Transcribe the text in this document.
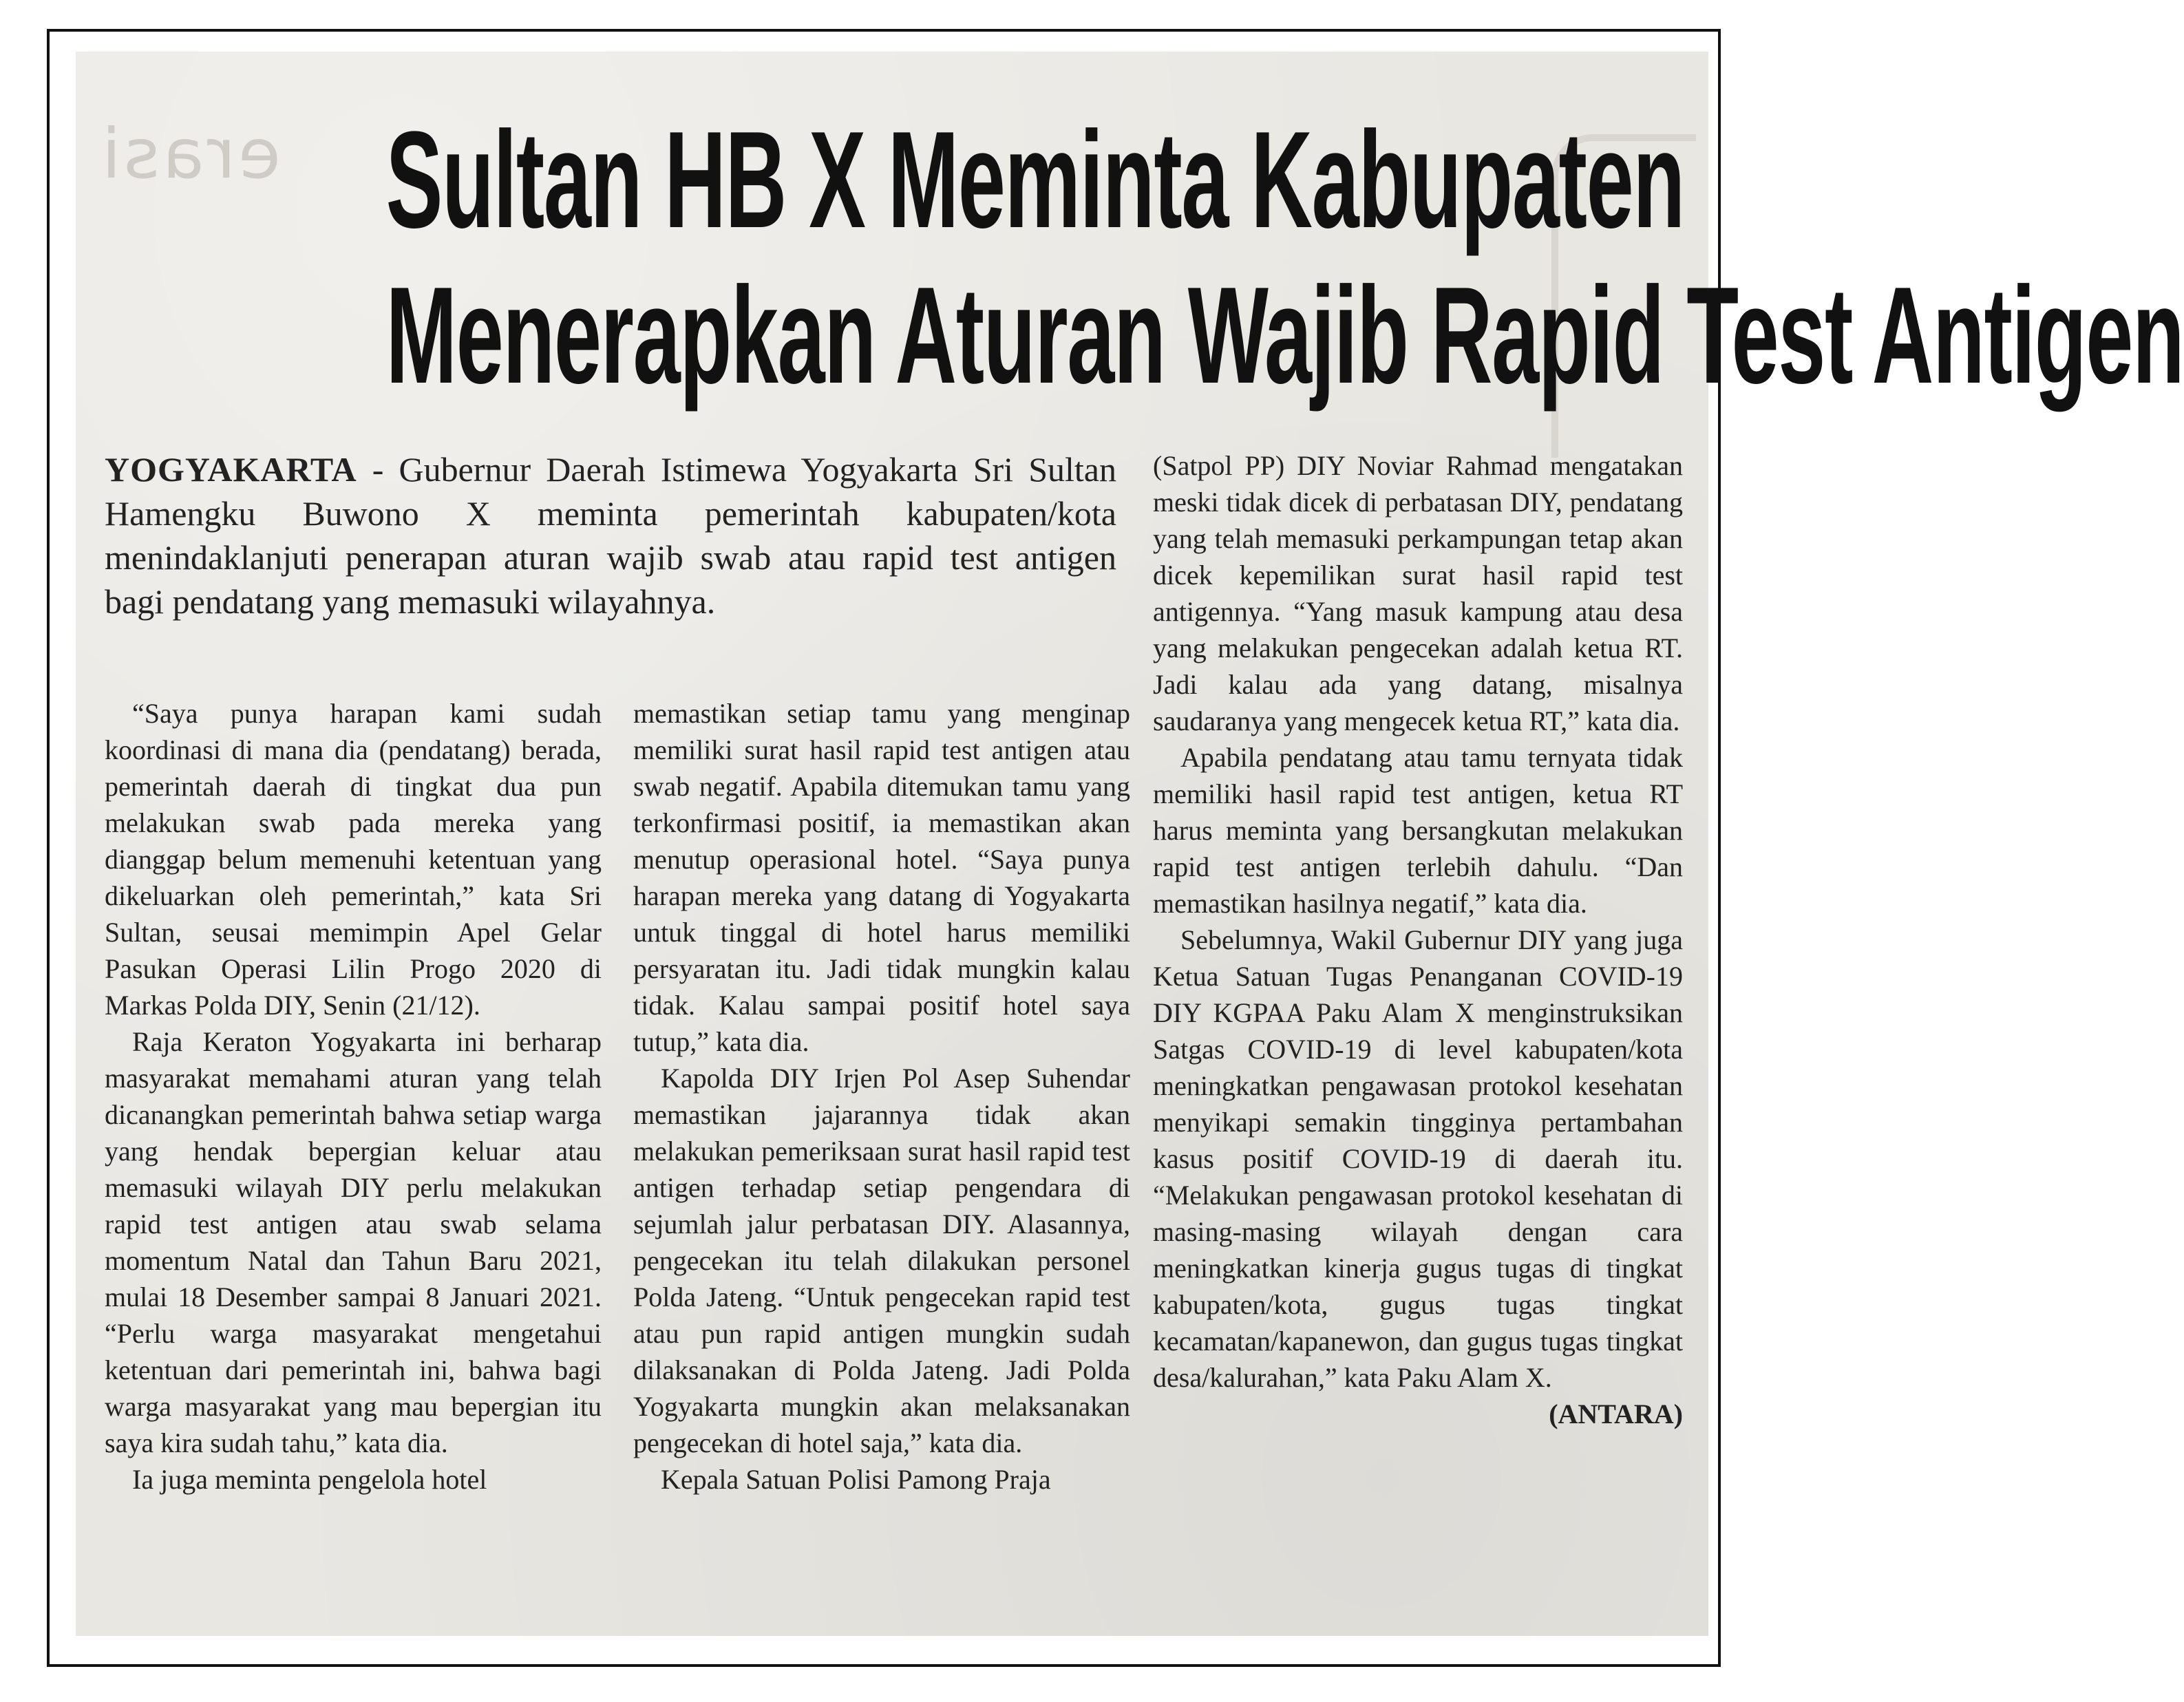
erasi Sultan HB X Meminta Kabupaten
Menerapkan Aturan Wajib Rapid Test Antigen
YOGYAKARTA - Gubernur Daerah Istimewa Yogyakarta Sri Sultan Hamengku Buwono X meminta pemerintah kabupaten/kota menindaklanjuti penerapan aturan wajib swab atau rapid test antigen bagi pendatang yang memasuki wilayahnya.

“Saya punya harapan kami sudah koordinasi di mana dia (pendatang) berada, pemerintah daerah di tingkat dua pun melakukan swab pada mereka yang dianggap belum memenuhi ketentuan yang dikeluarkan oleh pemerintah,” kata Sri Sultan, seusai memimpin Apel Gelar Pasukan Operasi Lilin Progo 2020 di Markas Polda DIY, Senin (21/12).

Raja Keraton Yogyakarta ini berharap masyarakat memahami aturan yang telah dicanangkan pemerintah bahwa setiap warga yang hendak bepergian keluar atau memasuki wilayah DIY perlu melakukan rapid test antigen atau swab selama momentum Natal dan Tahun Baru 2021, mulai 18 Desember sampai 8 Januari 2021. “Perlu warga masyarakat mengetahui ketentuan dari pemerintah ini, bahwa bagi warga masyarakat yang mau bepergian itu saya kira sudah tahu,” kata dia.

Ia juga meminta pengelola hotel

memastikan setiap tamu yang menginap memiliki surat hasil rapid test antigen atau swab negatif. Apabila ditemukan tamu yang terkonfirmasi positif, ia memastikan akan menutup operasional hotel. “Saya punya harapan mereka yang datang di Yogyakarta untuk tinggal di hotel harus memiliki persyaratan itu. Jadi tidak mungkin kalau tidak. Kalau sampai positif hotel saya tutup,” kata dia.

Kapolda DIY Irjen Pol Asep Suhendar memastikan jajarannya tidak akan melakukan pemeriksaan surat hasil rapid test antigen terhadap setiap pengendara di sejumlah jalur perbatasan DIY. Alasannya, pengecekan itu telah dilakukan personel Polda Jateng. “Untuk pengecekan rapid test atau pun rapid antigen mungkin sudah dilaksanakan di Polda Jateng. Jadi Polda Yogyakarta mungkin akan melaksanakan pengecekan di hotel saja,” kata dia.

Kepala Satuan Polisi Pamong Praja

(Satpol PP) DIY Noviar Rahmad mengatakan meski tidak dicek di perbatasan DIY, pendatang yang telah memasuki perkampungan tetap akan dicek kepemilikan surat hasil rapid test antigennya. “Yang masuk kampung atau desa yang melakukan pengecekan adalah ketua RT. Jadi kalau ada yang datang, misalnya saudaranya yang mengecek ketua RT,” kata dia.

Apabila pendatang atau tamu ternyata tidak memiliki hasil rapid test antigen, ketua RT harus meminta yang bersangkutan melakukan rapid test antigen terlebih dahulu. “Dan memastikan hasilnya negatif,” kata dia.

Sebelumnya, Wakil Gubernur DIY yang juga Ketua Satuan Tugas Penanganan COVID-19 DIY KGPAA Paku Alam X menginstruksikan Satgas COVID-19 di level kabupaten/kota meningkatkan pengawasan protokol kesehatan menyikapi semakin tingginya pertambahan kasus positif COVID-19 di daerah itu. “Melakukan pengawasan protokol kesehatan di masing-masing wilayah dengan cara meningkatkan kinerja gugus tugas di tingkat kabupaten/kota, gugus tugas tingkat kecamatan/kapanewon, dan gugus tugas tingkat desa/kalurahan,” kata Paku Alam X.

(ANTARA)
